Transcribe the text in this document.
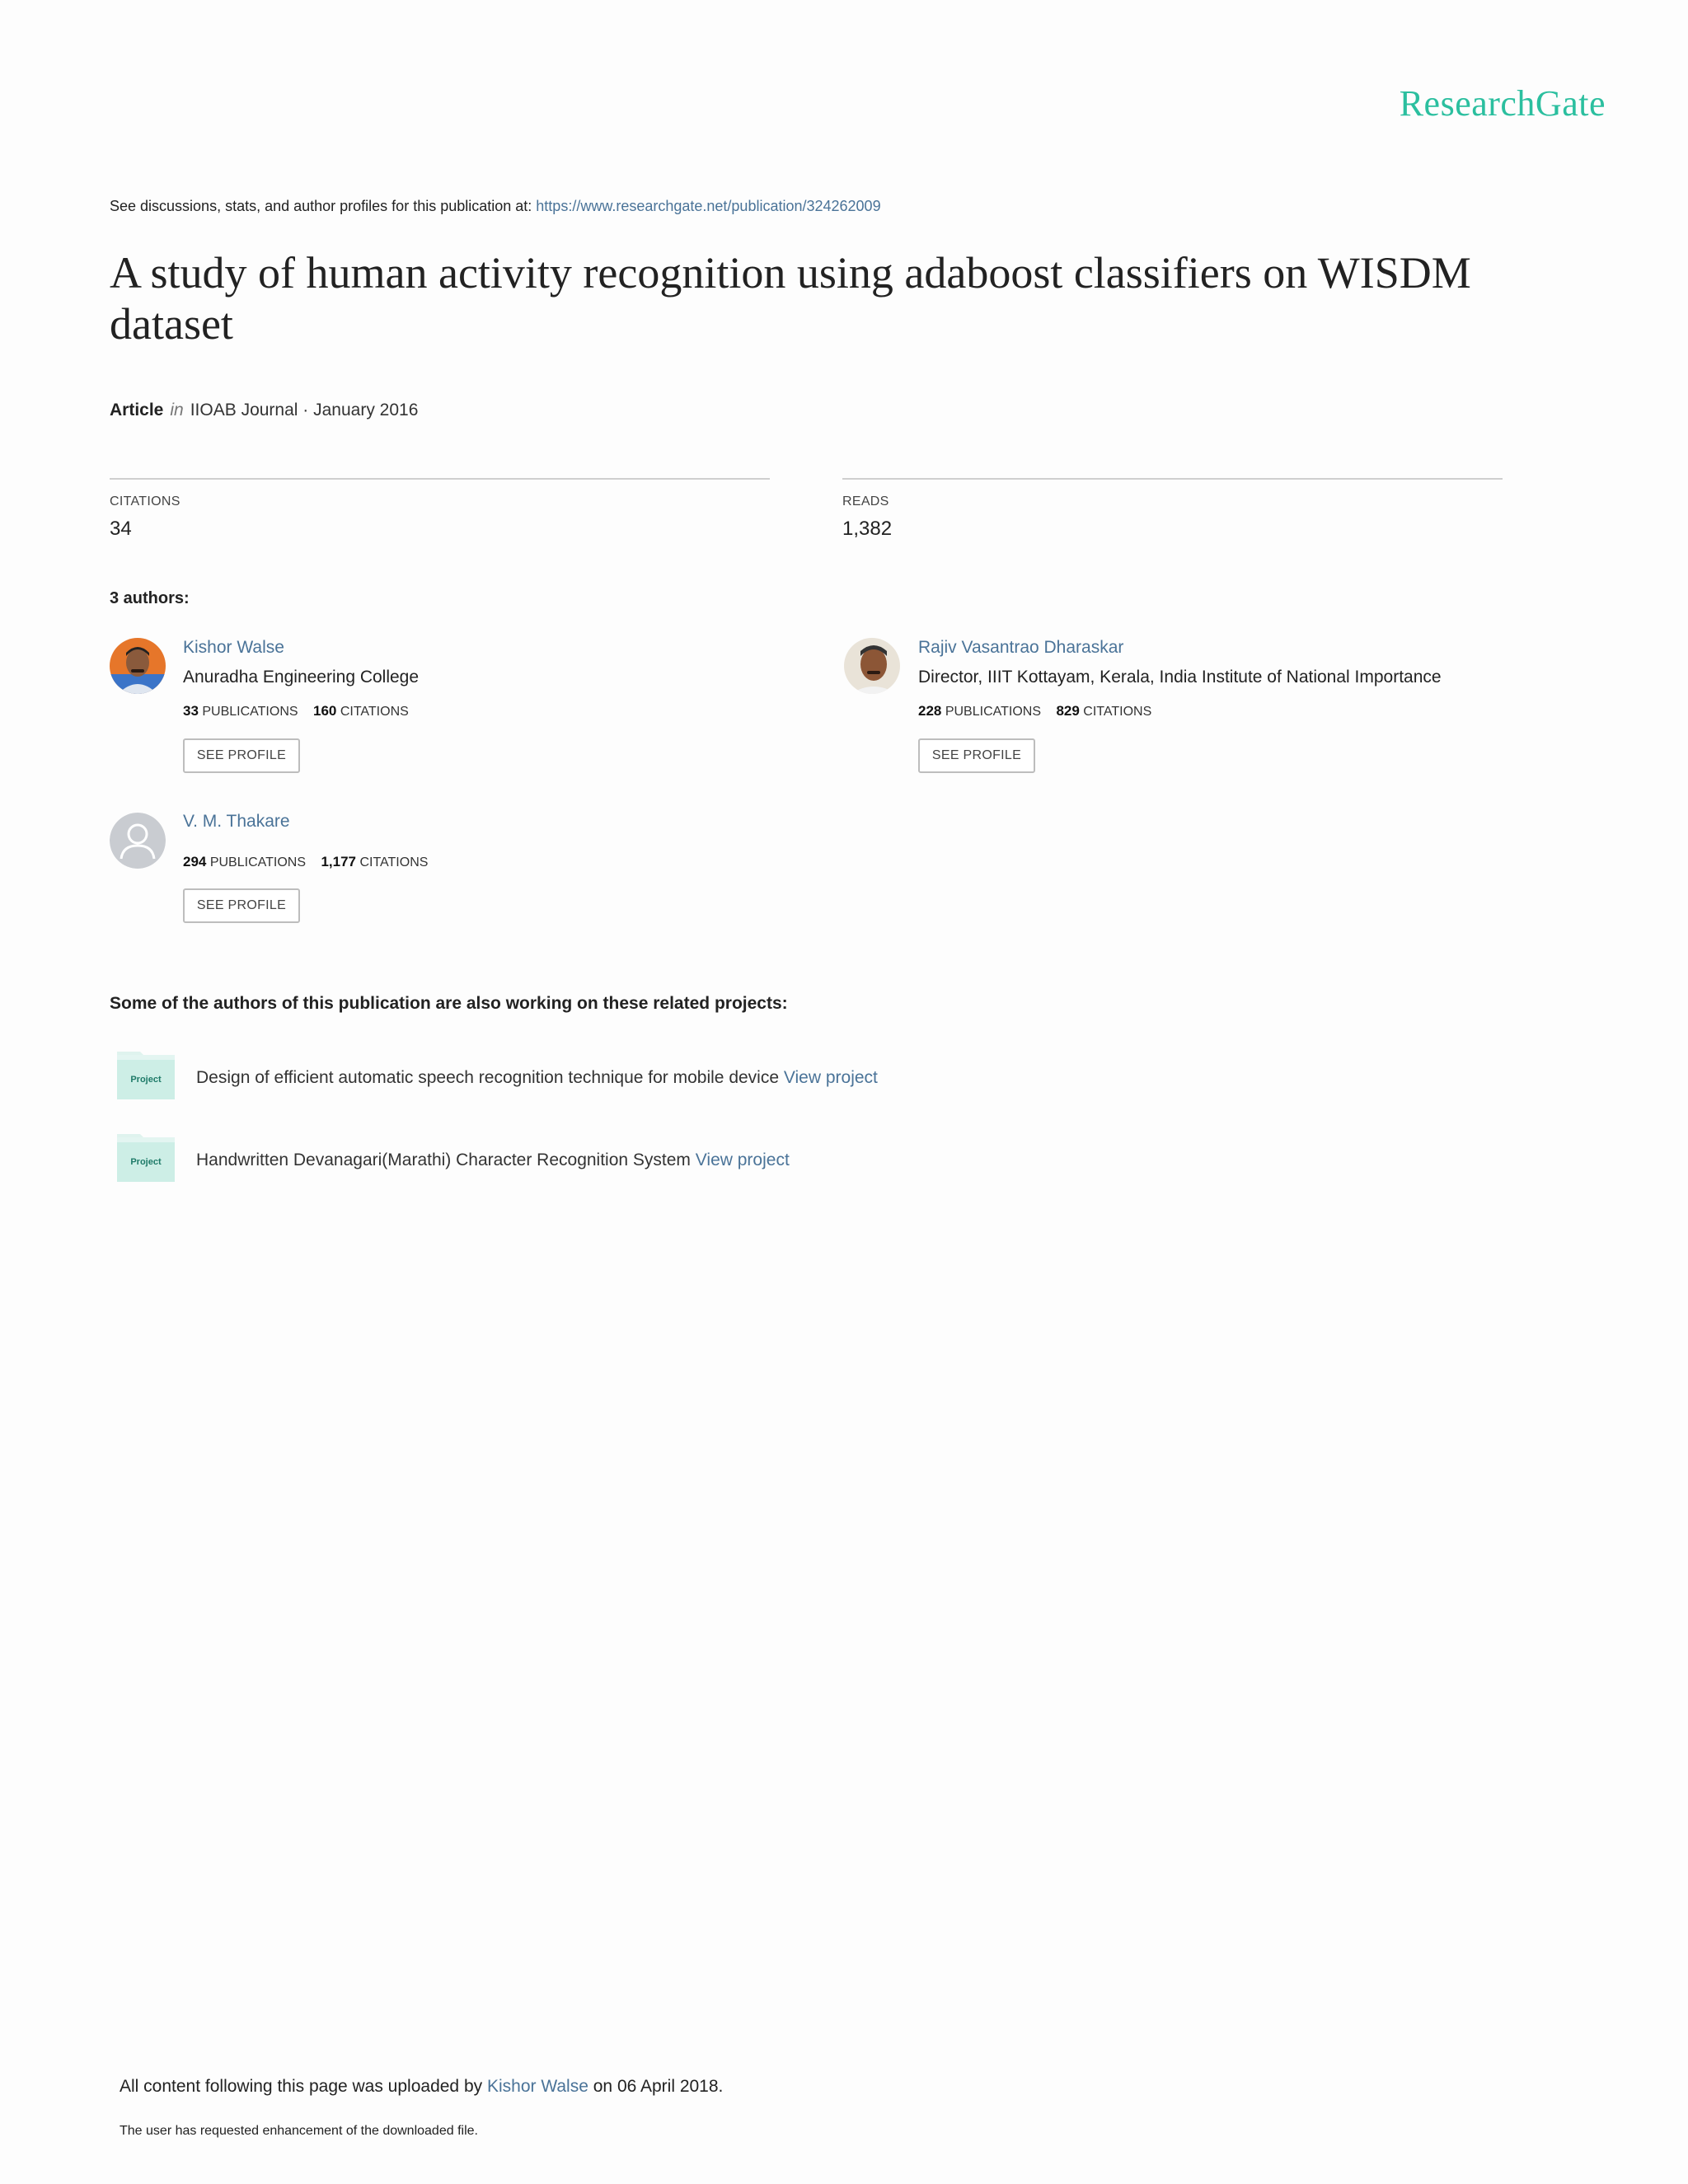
ResearchGate
See discussions, stats, and author profiles for this publication at: https://www.researchgate.net/publication/324262009
A study of human activity recognition using adaboost classifiers on WISDM dataset
Article in IIOAB Journal · January 2016
CITATIONS
34
READS
1,382
3 authors:
Kishor Walse
Anuradha Engineering College
33 PUBLICATIONS 160 CITATIONS
SEE PROFILE
Rajiv Vasantrao Dharaskar
Director, IIIT Kottayam, Kerala, India Institute of National Importance
228 PUBLICATIONS 829 CITATIONS
SEE PROFILE
V. M. Thakare
294 PUBLICATIONS 1,177 CITATIONS
SEE PROFILE
Some of the authors of this publication are also working on these related projects:
Project	Design of efficient automatic speech recognition technique for mobile device View project
Project	Handwritten Devanagari(Marathi) Character Recognition System View project
All content following this page was uploaded by Kishor Walse on 06 April 2018.
The user has requested enhancement of the downloaded file.
